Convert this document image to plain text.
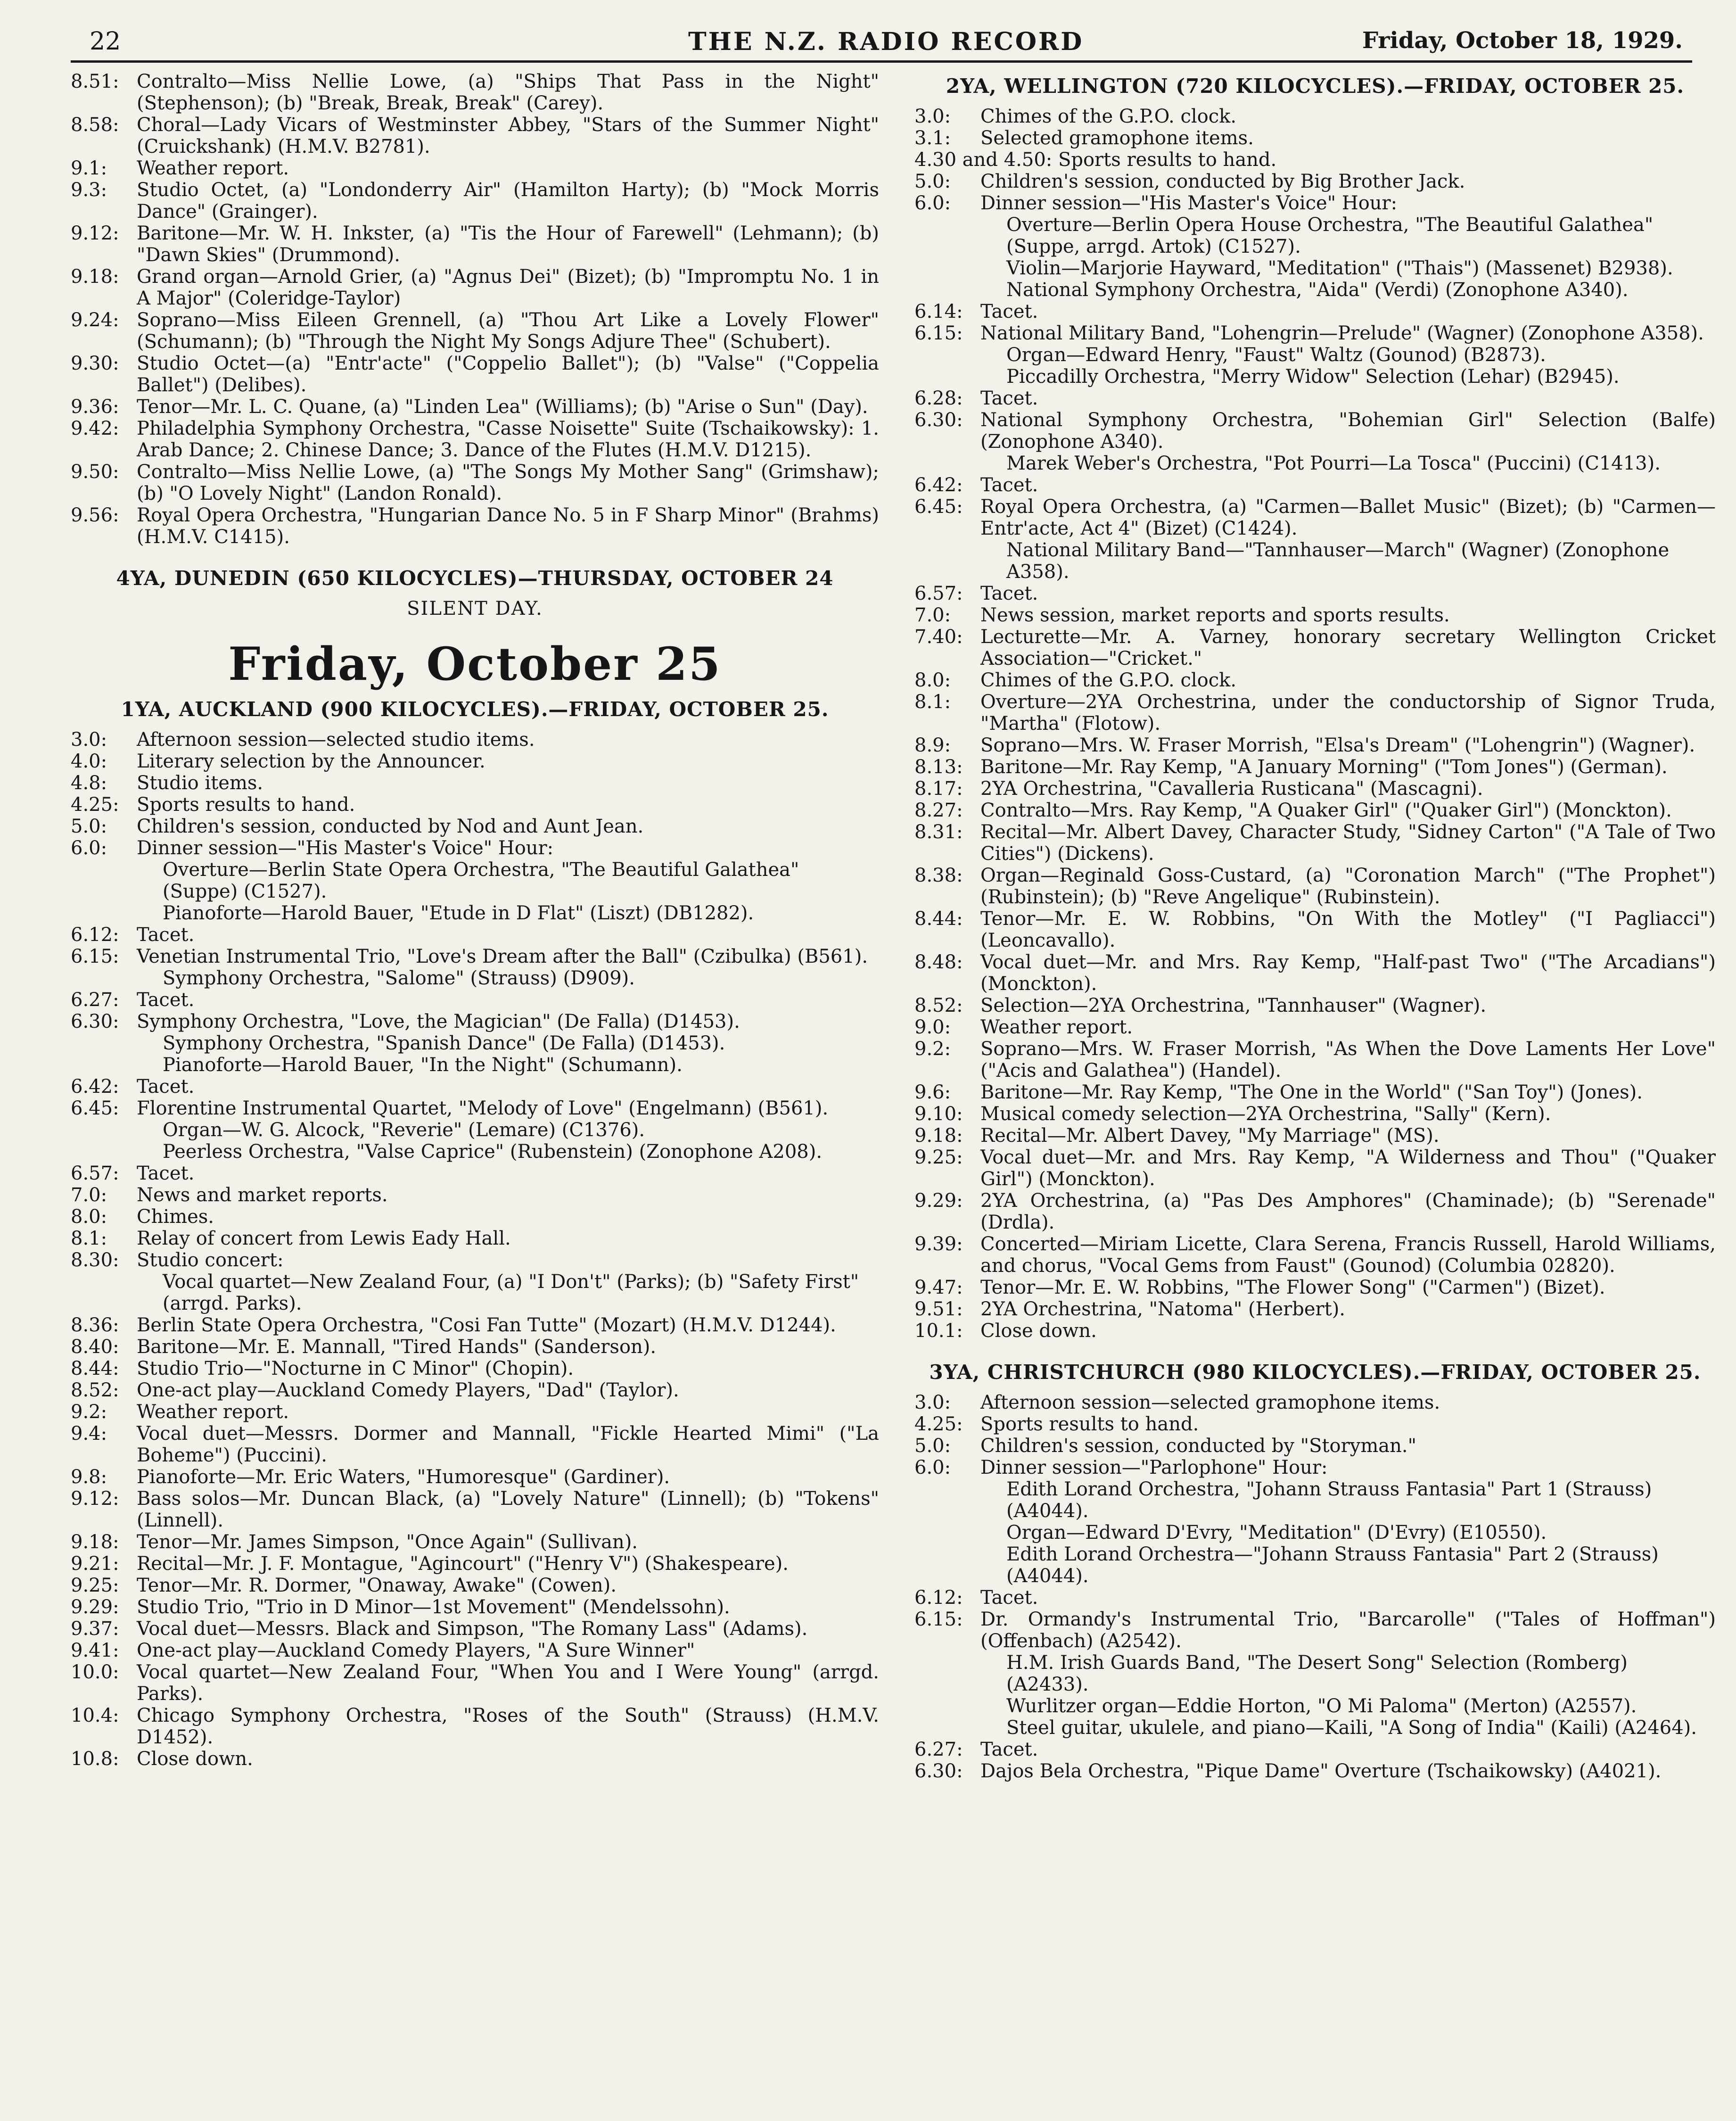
22	THE N.Z. RADIO RECORD	Friday, October 18, 1929.
8.51: Contralto—Miss Nellie Lowe, (a) "Ships That Pass in the Night" (Stephenson); (b) "Break, Break, Break" (Carey).
8.58: Choral—Lady Vicars of Westminster Abbey, "Stars of the Summer Night" (Cruickshank) (H.M.V. B2781).
9.1:	Weather report.
9.3:	Studio Octet, (a) "Londonderry Air" (Hamilton Harty); (b) "Mock Morris Dance" (Grainger).
9.12: Baritone—Mr. W. H. Inkster, (a) "Tis the Hour of Farewell" (Lehmann); (b) "Dawn Skies" (Drummond).
9.18: Grand organ—Arnold Grier, (a) "Agnus Dei" (Bizet); (b) "Impromptu No. 1 in A Major" (Coleridge-Taylor)
9.24: Soprano—Miss Eileen Grennell, (a) "Thou Art Like a Lovely Flower" (Schumann); (b) "Through the Night My Songs Adjure Thee" (Schubert).
9.30: Studio Octet—(a) "Entr'acte" ("Coppelio Ballet"); (b) "Valse" ("Coppelia Ballet") (Delibes).
9.36: Tenor—Mr. L. C. Quane, (a) "Linden Lea" (Williams); (b) "Arise o Sun" (Day).
9.42: Philadelphia Symphony Orchestra, "Casse Noisette" Suite (Tschaikowsky): 1. Arab Dance; 2. Chinese Dance; 3. Dance of the Flutes (H.M.V. D1215).
9.50: Contralto—Miss Nellie Lowe, (a) "The Songs My Mother Sang" (Grimshaw); (b) "O Lovely Night" (Landon Ronald).
9.56: Royal Opera Orchestra, "Hungarian Dance No. 5 in F Sharp Minor" (Brahms) (H.M.V. C1415).
4YA, DUNEDIN (650 KILOCYCLES)—THURSDAY, OCTOBER 24
SILENT DAY.
Friday, October 25
1YA, AUCKLAND (900 KILOCYCLES).—FRIDAY, OCTOBER 25.
3.0:	Afternoon session—selected studio items.
4.0:	Literary selection by the Announcer.
4.8:	Studio items.
4.25: Sports results to hand.
5.0:	Children's session, conducted by Nod and Aunt Jean.
6.0:	Dinner session—"His Master's Voice" Hour:
Overture—Berlin State Opera Orchestra, "The Beautiful Galathea" (Suppe) (C1527).
Pianoforte—Harold Bauer, "Etude in D Flat" (Liszt) (DB1282).
6.12: Tacet.
6.15: Venetian Instrumental Trio, "Love's Dream after the Ball" (Czibulka) (B561).
Symphony Orchestra, "Salome" (Strauss) (D909).
6.27: Tacet.
6.30: Symphony Orchestra, "Love, the Magician" (De Falla) (D1453).
Symphony Orchestra, "Spanish Dance" (De Falla) (D1453).
Pianoforte—Harold Bauer, "In the Night" (Schumann).
6.42: Tacet.
6.45: Florentine Instrumental Quartet, "Melody of Love" (Engelmann) (B561).
Organ—W. G. Alcock, "Reverie" (Lemare) (C1376).
Peerless Orchestra, "Valse Caprice" (Rubenstein) (Zonophone A208).
6.57: Tacet.
7.0:	News and market reports.
8.0:	Chimes.
8.1:	Relay of concert from Lewis Eady Hall.
8.30: Studio concert:
Vocal quartet—New Zealand Four, (a) "I Don't" (Parks); (b) "Safety First" (arrgd. Parks).
8.36: Berlin State Opera Orchestra, "Cosi Fan Tutte" (Mozart) (H.M.V. D1244).
8.40: Baritone—Mr. E. Mannall, "Tired Hands" (Sanderson).
8.44: Studio Trio—"Nocturne in C Minor" (Chopin).
8.52: One-act play—Auckland Comedy Players, "Dad" (Taylor).
9.2:	Weather report.
9.4:	Vocal duet—Messrs. Dormer and Mannall, "Fickle Hearted Mimi" ("La Boheme") (Puccini).
9.8:	Pianoforte—Mr. Eric Waters, "Humoresque" (Gardiner).
9.12: Bass solos—Mr. Duncan Black, (a) "Lovely Nature" (Linnell); (b) "Tokens" (Linnell).
9.18: Tenor—Mr. James Simpson, "Once Again" (Sullivan).
9.21: Recital—Mr. J. F. Montague, "Agincourt" ("Henry V") (Shakespeare).
9.25: Tenor—Mr. R. Dormer, "Onaway, Awake" (Cowen).
9.29: Studio Trio, "Trio in D Minor—1st Movement" (Mendelssohn).
9.37: Vocal duet—Messrs. Black and Simpson, "The Romany Lass" (Adams).
9.41: One-act play—Auckland Comedy Players, "A Sure Winner"
10.0: Vocal quartet—New Zealand Four, "When You and I Were Young" (arrgd. Parks).
10.4: Chicago Symphony Orchestra, "Roses of the South" (Strauss) (H.M.V. D1452).
10.8: Close down.
2YA, WELLINGTON (720 KILOCYCLES).—FRIDAY, OCTOBER 25.
3.0:	Chimes of the G.P.O. clock.
3.1:	Selected gramophone items.
4.30 and 4.50: Sports results to hand.
5.0:	Children's session, conducted by Big Brother Jack.
6.0:	Dinner session—"His Master's Voice" Hour:
Overture—Berlin Opera House Orchestra, "The Beautiful Galathea" (Suppe, arrgd. Artok) (C1527).
Violin—Marjorie Hayward, "Meditation" ("Thais") (Massenet) B2938).
National Symphony Orchestra, "Aida" (Verdi) (Zonophone A340).
6.14: Tacet.
6.15: National Military Band, "Lohengrin—Prelude" (Wagner) (Zonophone A358).
Organ—Edward Henry, "Faust" Waltz (Gounod) (B2873).
Piccadilly Orchestra, "Merry Widow" Selection (Lehar) (B2945).
6.28: Tacet.
6.30: National Symphony Orchestra, "Bohemian Girl" Selection (Balfe) (Zonophone A340).
Marek Weber's Orchestra, "Pot Pourri—La Tosca" (Puccini) (C1413).
6.42: Tacet.
6.45: Royal Opera Orchestra, (a) "Carmen—Ballet Music" (Bizet); (b) "Carmen—Entr'acte, Act 4" (Bizet) (C1424).
National Military Band—"Tannhauser—March" (Wagner) (Zonophone A358).
6.57: Tacet.
7.0:	News session, market reports and sports results.
7.40: Lecturette—Mr. A. Varney, honorary secretary Wellington Cricket Association—"Cricket."
8.0:	Chimes of the G.P.O. clock.
8.1:	Overture—2YA Orchestrina, under the conductorship of Signor Truda, "Martha" (Flotow).
8.9:	Soprano—Mrs. W. Fraser Morrish, "Elsa's Dream" ("Lohengrin") (Wagner).
8.13: Baritone—Mr. Ray Kemp, "A January Morning" ("Tom Jones") (German).
8.17: 2YA Orchestrina, "Cavalleria Rusticana" (Mascagni).
8.27: Contralto—Mrs. Ray Kemp, "A Quaker Girl" ("Quaker Girl") (Monckton).
8.31: Recital—Mr. Albert Davey, Character Study, "Sidney Carton" ("A Tale of Two Cities") (Dickens).
8.38: Organ—Reginald Goss-Custard, (a) "Coronation March" ("The Prophet") (Rubinstein); (b) "Reve Angelique" (Rubinstein).
8.44: Tenor—Mr. E. W. Robbins, "On With the Motley" ("I Pagliacci") (Leoncavallo).
8.48: Vocal duet—Mr. and Mrs. Ray Kemp, "Half-past Two" ("The Arcadians") (Monckton).
8.52: Selection—2YA Orchestrina, "Tannhauser" (Wagner).
9.0:	Weather report.
9.2:	Soprano—Mrs. W. Fraser Morrish, "As When the Dove Laments Her Love" ("Acis and Galathea") (Handel).
9.6:	Baritone—Mr. Ray Kemp, "The One in the World" ("San Toy") (Jones).
9.10: Musical comedy selection—2YA Orchestrina, "Sally" (Kern).
9.18: Recital—Mr. Albert Davey, "My Marriage" (MS).
9.25: Vocal duet—Mr. and Mrs. Ray Kemp, "A Wilderness and Thou" ("Quaker Girl") (Monckton).
9.29: 2YA Orchestrina, (a) "Pas Des Amphores" (Chaminade); (b) "Serenade" (Drdla).
9.39: Concerted—Miriam Licette, Clara Serena, Francis Russell, Harold Williams, and chorus, "Vocal Gems from Faust" (Gounod) (Columbia 02820).
9.47: Tenor—Mr. E. W. Robbins, "The Flower Song" ("Carmen") (Bizet).
9.51: 2YA Orchestrina, "Natoma" (Herbert).
10.1: Close down.
3YA, CHRISTCHURCH (980 KILOCYCLES).—FRIDAY, OCTOBER 25.
3.0:	Afternoon session—selected gramophone items.
4.25: Sports results to hand.
5.0:	Children's session, conducted by "Storyman."
6.0:	Dinner session—"Parlophone" Hour:
Edith Lorand Orchestra, "Johann Strauss Fantasia" Part 1 (Strauss) (A4044).
Organ—Edward D'Evry, "Meditation" (D'Evry) (E10550).
Edith Lorand Orchestra—"Johann Strauss Fantasia" Part 2 (Strauss) (A4044).
6.12: Tacet.
6.15: Dr. Ormandy's Instrumental Trio, "Barcarolle" ("Tales of Hoffman") (Offenbach) (A2542).
H.M. Irish Guards Band, "The Desert Song" Selection (Romberg) (A2433).
Wurlitzer organ—Eddie Horton, "O Mi Paloma" (Merton) (A2557).
Steel guitar, ukulele, and piano—Kaili, "A Song of India" (Kaili) (A2464).
6.27: Tacet.
6.30: Dajos Bela Orchestra, "Pique Dame" Overture (Tschaikowsky) (A4021).
